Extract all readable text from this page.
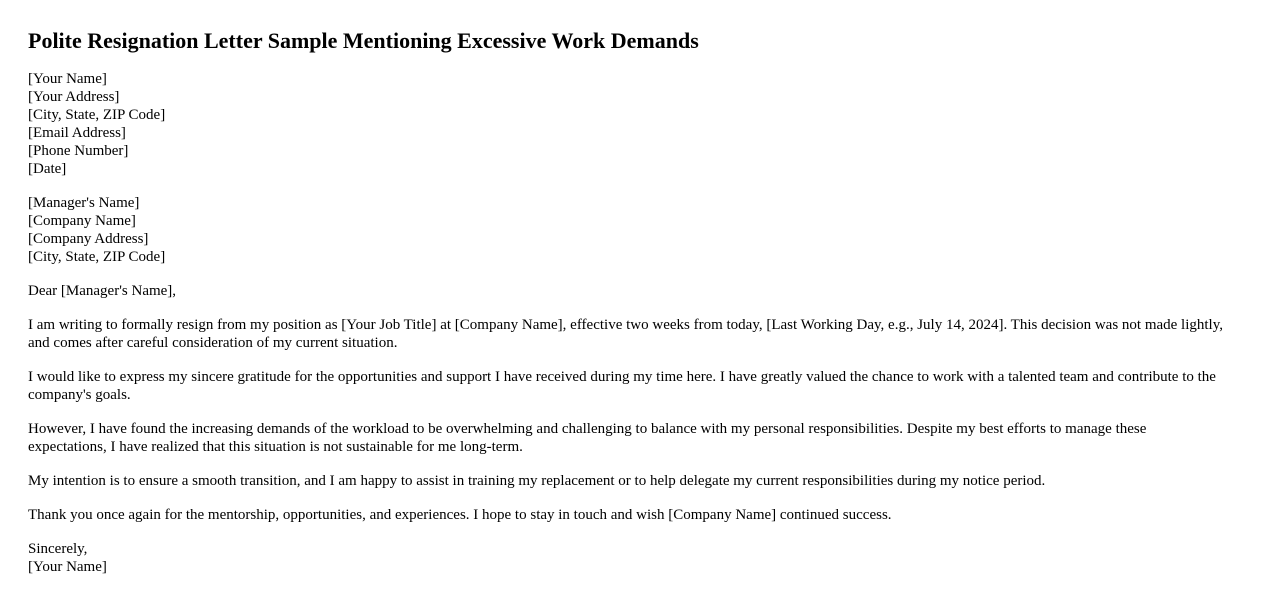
Polite Resignation Letter Sample Mentioning Excessive Work Demands
[Your Name]
[Your Address]
[City, State, ZIP Code]
[Email Address]
[Phone Number]
[Date]
[Manager's Name]
[Company Name]
[Company Address]
[City, State, ZIP Code]
Dear [Manager's Name],

I am writing to formally resign from my position as [Your Job Title] at [Company Name], effective two weeks from today, [Last Working Day, e.g., July 14, 2024]. This decision was not made lightly, and comes after careful consideration of my current situation.

I would like to express my sincere gratitude for the opportunities and support I have received during my time here. I have greatly valued the chance to work with a talented team and contribute to the company's goals.

However, I have found the increasing demands of the workload to be overwhelming and challenging to balance with my personal responsibilities. Despite my best efforts to manage these expectations, I have realized that this situation is not sustainable for me long-term.

My intention is to ensure a smooth transition, and I am happy to assist in training my replacement or to help delegate my current responsibilities during my notice period.

Thank you once again for the mentorship, opportunities, and experiences. I hope to stay in touch and wish [Company Name] continued success.

Sincerely,
[Your Name]
